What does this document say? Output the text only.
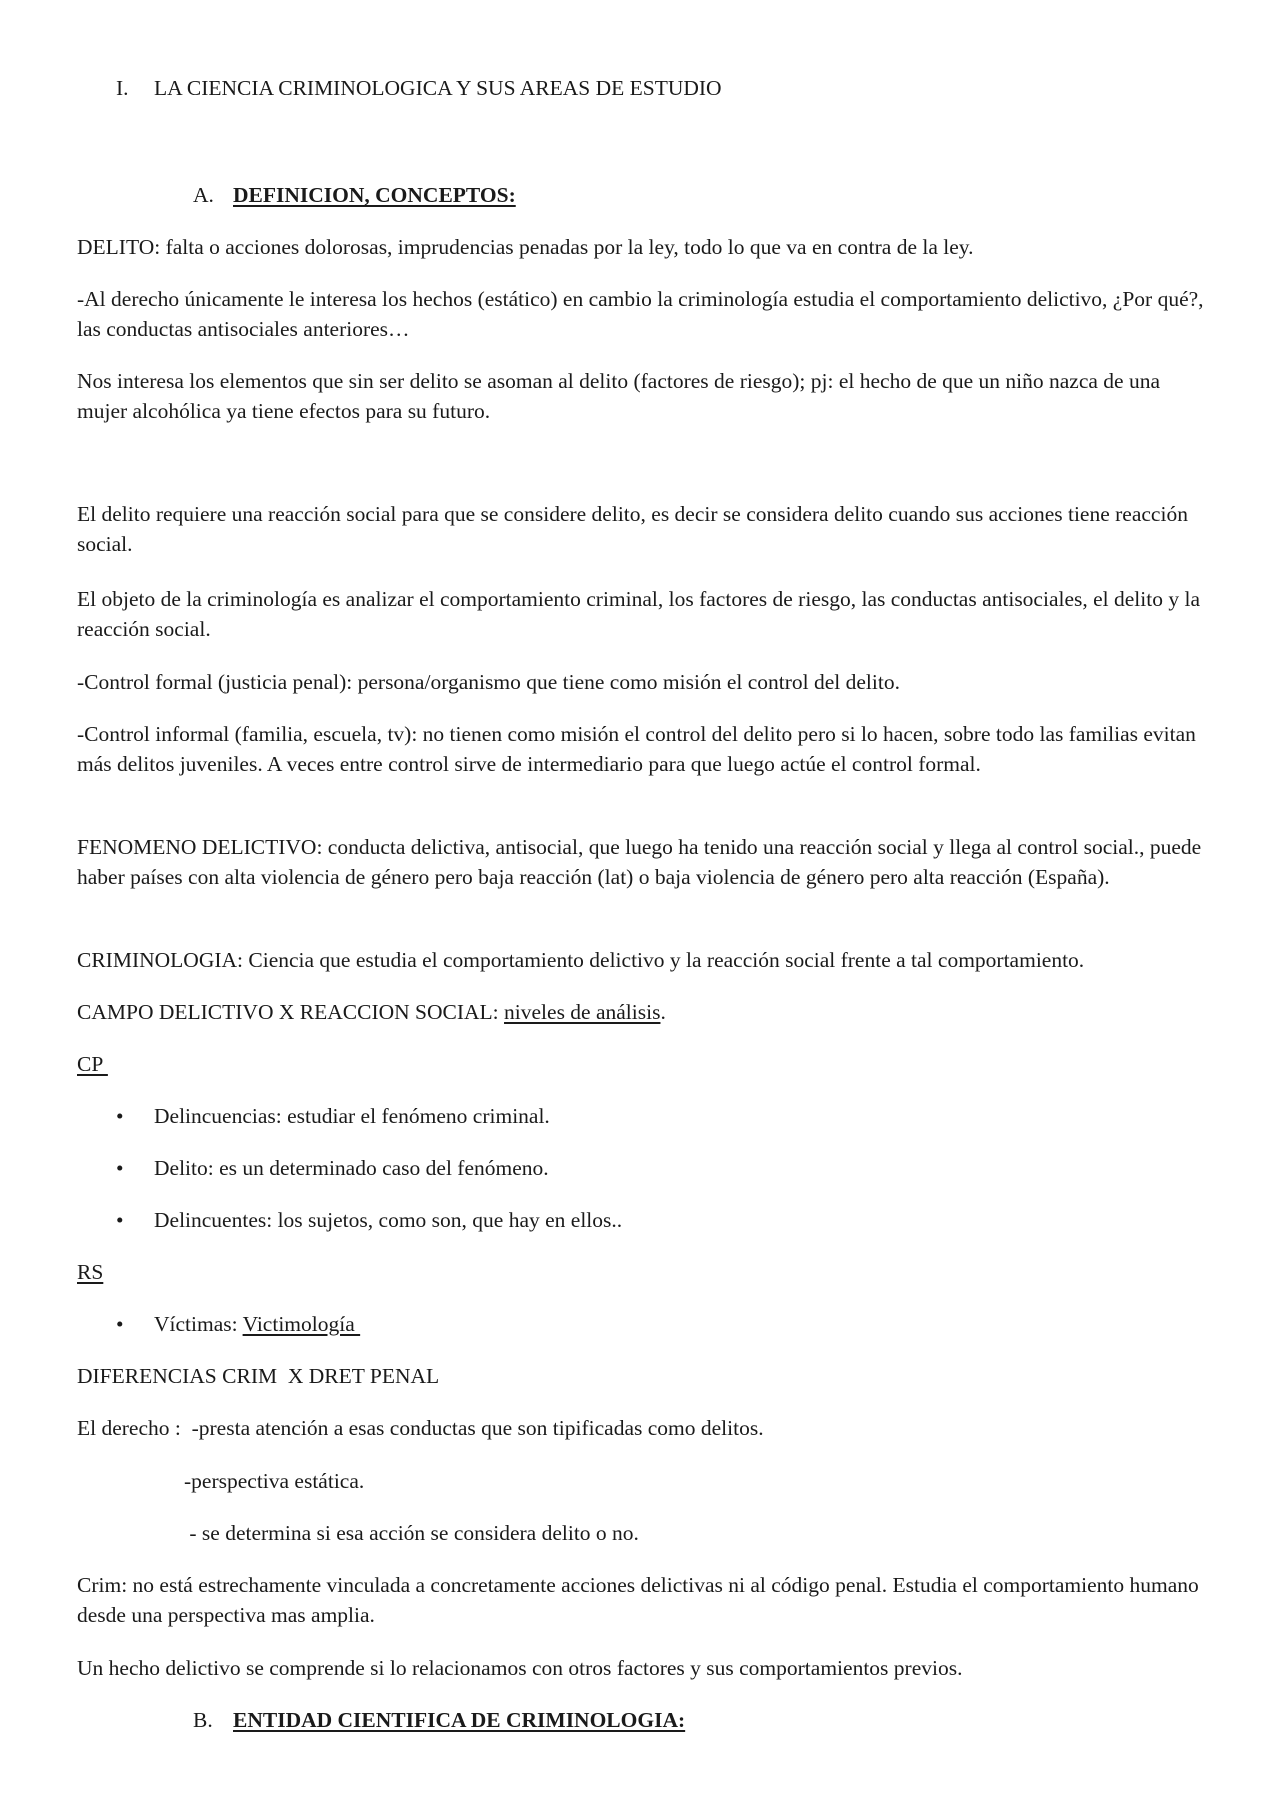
I. LA CIENCIA CRIMINOLOGICA Y SUS AREAS DE ESTUDIO
A. DEFINICION, CONCEPTOS:

DELITO: falta o acciones dolorosas, imprudencias penadas por la ley, todo lo que va en contra de la ley.

-Al derecho únicamente le interesa los hechos (estático) en cambio la criminología estudia el comportamiento delictivo, ¿Por qué?, las conductas antisociales anteriores…

Nos interesa los elementos que sin ser delito se asoman al delito (factores de riesgo); pj: el hecho de que un niño nazca de una mujer alcohólica ya tiene efectos para su futuro.

El delito requiere una reacción social para que se considere delito, es decir se considera delito cuando sus acciones tiene reacción social.

El objeto de la criminología es analizar el comportamiento criminal, los factores de riesgo, las conductas antisociales, el delito y la reacción social.

-Control formal (justicia penal): persona/organismo que tiene como misión el control del delito.

-Control informal (familia, escuela, tv): no tienen como misión el control del delito pero si lo hacen, sobre todo las familias evitan más delitos juveniles. A veces entre control sirve de intermediario para que luego actúe el control formal.

FENOMENO DELICTIVO: conducta delictiva, antisocial, que luego ha tenido una reacción social y llega al control social., puede haber países con alta violencia de género pero baja reacción (lat) o baja violencia de género pero alta reacción (España).

CRIMINOLOGIA: Ciencia que estudia el comportamiento delictivo y la reacción social frente a tal comportamiento.

CAMPO DELICTIVO X REACCION SOCIAL: niveles de análisis.

CP

• Delincuencias: estudiar el fenómeno criminal.
• Delito: es un determinado caso del fenómeno.
• Delincuentes: los sujetos, como son, que hay en ellos..

RS

• Víctimas: Victimología

DIFERENCIAS CRIM  X DRET PENAL

El derecho :  -presta atención a esas conductas que son tipificadas como delitos.

-perspectiva estática.

- se determina si esa acción se considera delito o no.

Crim: no está estrechamente vinculada a concretamente acciones delictivas ni al código penal. Estudia el comportamiento humano desde una perspectiva mas amplia.

Un hecho delictivo se comprende si lo relacionamos con otros factores y sus comportamientos previos.

B. ENTIDAD CIENTIFICA DE CRIMINOLOGIA:
